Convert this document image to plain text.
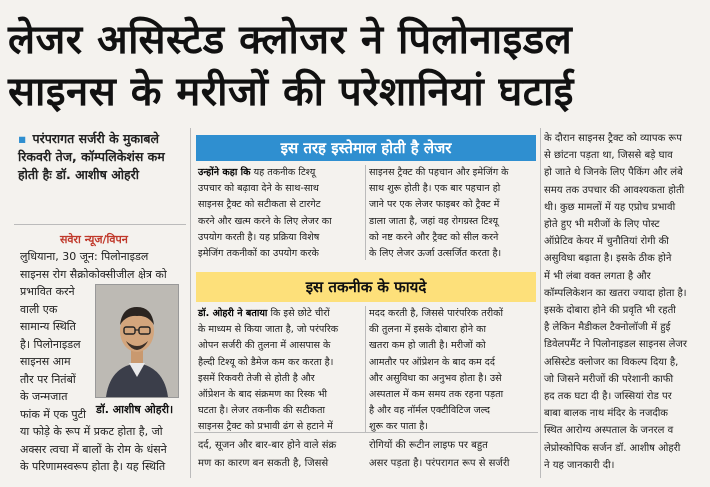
लेजर असिस्टेड क्लोजर ने पिलोनाइडल
साइनस के मरीजों की परेशानियां घटाई
▪ परंपरागत सर्जरी के मुकाबले रिकवरी तेज, कॉम्पलिकेशंस कम होती हैः डॉ. आशीष ओहरी
सवेरा न्यूज/विपन

लुधियाना, 30 जून: पिलोनाइडल

साइनस रोग सैक्रोकोक्सीजील क्षेत्र को

प्रभावित करने

वाली एक

सामान्य स्थिति

है। पिलोनाइडल

साइनस आम

तौर पर नितंबों

के जन्मजात

फांक में एक पुटी

या फोड़े के रूप में प्रकट होता है, जो

अक्सर त्वचा में बालों के रोम के धंसने

के परिणामस्वरूप होता है। यह स्थिति

डॉ. आशीष ओहरी।
इस तरह इस्तेमाल होती है लेजर

उन्होंने कहा कि यह तकनीक टिश्यू

उपचार को बढ़ावा देने के साथ-साथ

साइनस ट्रैक्ट को सटीकता से टारगेट

करने और खत्म करने के लिए लेजर का

उपयोग करती है। यह प्रक्रिया विशेष

इमेजिंग तकनीकों का उपयोग करके

साइनस ट्रैक्ट की पहचान और इमेजिंग के

साथ शुरू होती है। एक बार पहचान हो

जाने पर एक लेजर फाइबर को ट्रैक्ट में

डाला जाता है, जहां वह रोगग्रस्त टिश्यू

को नष्ट करने और ट्रैक्ट को सील करने

के लिए लेजर ऊर्जा उत्सर्जित करता है।

इस तकनीक के फायदे

डॉ. ओहरी ने बताया कि इसे छोटे चीरों

के माध्यम से किया जाता है, जो परंपरिक

ओपन सर्जरी की तुलना में आसपास के

हैल्दी टिश्यू को डैमेज कम कर करता है।

इसमें रिकवरी तेजी से होती है और

ऑप्रेशन के बाद संक्रमण का रिस्क भी

घटता है। लेजर तकनीक की सटीकता

साइनस ट्रैक्ट को प्रभावी ढंग से हटाने में

मदद करती है, जिससे पारंपरिक तरीकों

की तुलना में इसके दोबारा होने का

खतरा कम हो जाती है। मरीजों को

आमतौर पर ऑप्रेशन के बाद कम दर्द

और असुविधा का अनुभव होता है। उसे

अस्पताल में कम समय तक रहना पड़ता

है और वह नॉर्मल एक्टीविटिज जल्द

शुरू कर पाता है।

दर्द, सूजन और बार-बार होने वाले संक्र

मण का कारण बन सकती है, जिससे

रोगियों की रूटीन लाइफ पर बहुत

असर पड़ता है। परंपरागत रूप से सर्जरी

के दौरान साइनस ट्रैक्ट को व्यापक रूप

से छांटना पड़ता था, जिससे बड़े घाव

हो जाते थे जिनके लिए पैकिंग और लंबे

समय तक उपचार की आवश्यकता होती

थी। कुछ मामलों में यह एप्रोच प्रभावी

होते हुए भी मरीजों के लिए पोस्ट

ऑप्रेटिव केयर में चुनौतियां रोगी की

असुविधा बढ़ाता है। इसके ठीक होने

में भी लंबा वक्त लगता है और

कॉम्पलिकेशन का खतरा ज्यादा होता है।

इसके दोबारा होने की प्रवृति भी रहती

है लेकिन मैडीकल टैक्नोलॉजी में हुई

डिवेलपमैंट ने पिलोनाइडल साइनस लेजर

असिस्टेड क्लोजर का विकल्प दिया है,

जो जिसने मरीजों की परेशानी काफी

हद तक घटा दी है। जस्सियां रोड पर

बाबा बालक नाथ मंदिर के नजदीक

स्थित आरोग्य अस्पताल के जनरल व

लेप्रोस्कोपिक सर्जन डॉ. आशीष ओहरी

ने यह जानकारी दी।
